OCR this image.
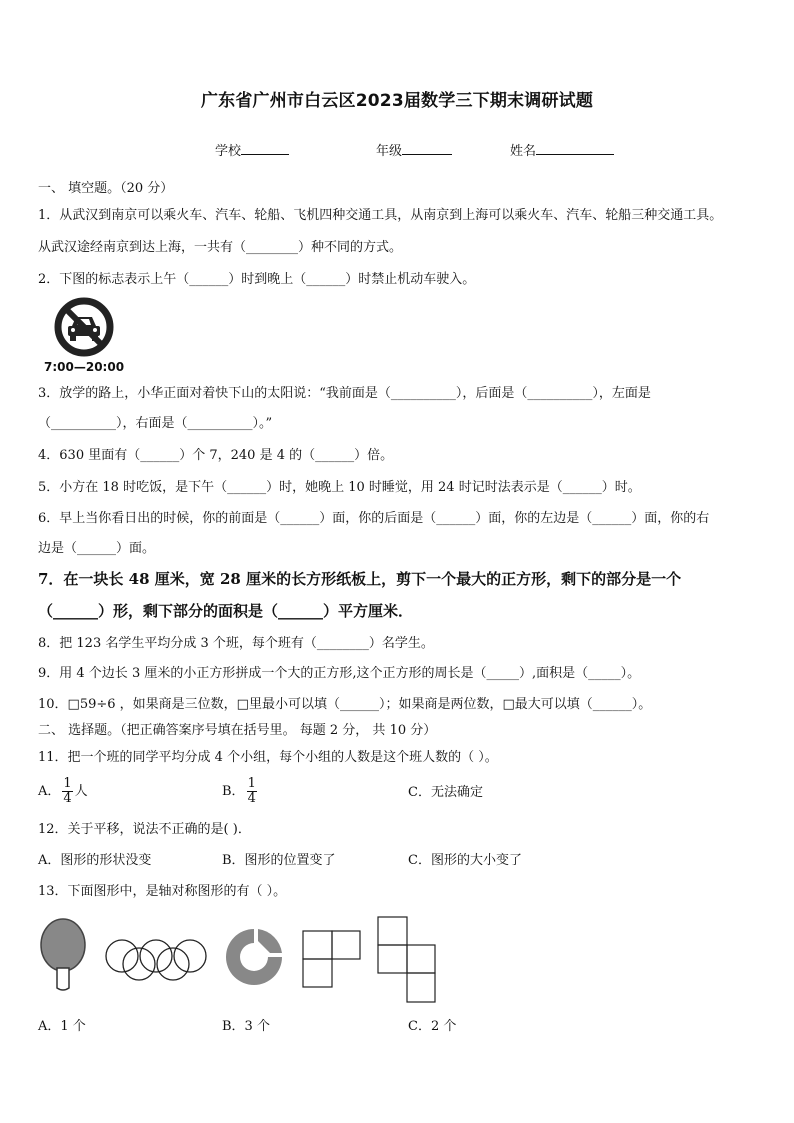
广东省广州市白云区2023届数学三下期末调研试题
学校	年级	姓名
一、 填空题。（20 分）
1．从武汉到南京可以乘火车、汽车、轮船、飞机四种交通工具，从南京到上海可以乘火车、汽车、轮船三种交通工具。
从武汉途经南京到达上海，一共有（________）种不同的方式。
2．下图的标志表示上午（______）时到晚上（______）时禁止机动车驶入。
7:00—20:00
3．放学的路上，小华正面对着快下山的太阳说：“我前面是（__________），后面是（__________），左面是
（__________），右面是（__________）。”
4．630 里面有（______）个 7，240 是 4 的（______）倍。
5．小方在 18 时吃饭，是下午（______）时，她晚上 10 时睡觉，用 24 时记时法表示是（______）时。
6．早上当你看日出的时候，你的前面是（______）面，你的后面是（______）面，你的左边是（______）面，你的右
边是（______）面。
7．在一块长 48 厘米，宽 28 厘米的长方形纸板上，剪下一个最大的正方形，剩下的部分是一个
（______）形，剩下部分的面积是（______）平方厘米．
8．把 123 名学生平均分成 3 个班，每个班有（________）名学生。
9．用 4 个边长 3 厘米的小正方形拼成一个大的正方形,这个正方形的周长是（_____）,面积是（_____）。
10．□59÷6 ，如果商是三位数，□里最小可以填（______）；如果商是两位数，□最大可以填（______）。
二、 选择题。（把正确答案序号填在括号里。 每题 2 分， 共 10 分）
11．把一个班的同学平均分成 4 个小组，每个小组的人数是这个班人数的（ ）。
A． $\frac{1}{4}$ 人	B． $\frac{1}{4}$	C．无法确定
12．关于平移，说法不正确的是( )．
A．图形的形状没变	B．图形的位置变了	C．图形的大小变了
13．下面图形中，是轴对称图形的有（ ）。
A．1 个	B．3 个	C．2 个
